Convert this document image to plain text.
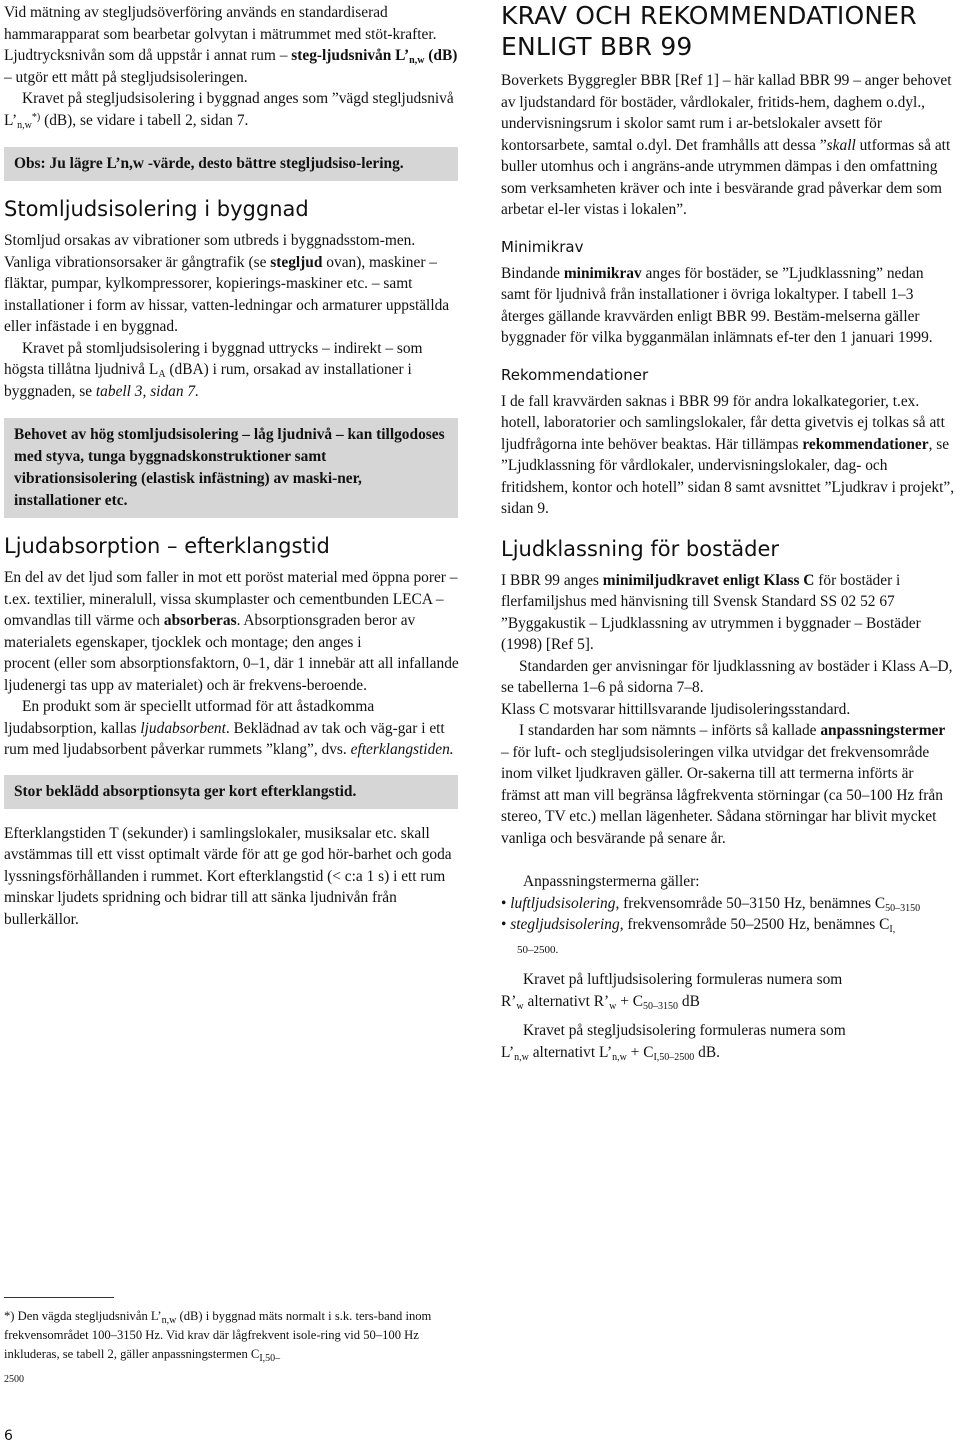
Vid mätning av stegljudsöverföring används en standardiserad hammarapparat som bearbetar golvytan i mätrummet med stöt-krafter. Ljudtrycksnivån som då uppstår i annat rum – steg-ljudsnivån $L’_{n,w}$ (dB) – utgör ett mått på stegljudsisoleringen.

Kravet på stegljudsisolering i byggnad anges som ”vägd stegljudsnivå $L’_{n,w}^{*)}$ (dB), se vidare i tabell 2, sidan 7.

Obs: Ju lägre L’n,w -värde, desto bättre stegljudsiso-lering.
Stomljudsisolering i byggnad

Stomljud orsakas av vibrationer som utbreds i byggnadsstom-men. Vanliga vibrationsorsaker är gångtrafik (se stegljud ovan), maskiner – fläktar, pumpar, kylkompressorer, kopierings-maskiner etc. – samt installationer i form av hissar, vatten-ledningar och armaturer uppställda eller infästade i en byggnad.

Kravet på stomljudsisolering i byggnad uttrycks – indirekt – som högsta tillåtna ljudnivå $L_A$ (dBA) i rum, orsakad av installationer i byggnaden, se tabell 3, sidan 7.

Behovet av hög stomljudsisolering – låg ljudnivå – kan tillgodoses med styva, tunga byggnadskonstruktioner samt vibrationsisolering (elastisk infästning) av maski-ner, installationer etc.
Ljudabsorption – efterklangstid

En del av det ljud som faller in mot ett poröst material med öppna porer – t.ex. textilier, mineralull, vissa skumplaster och cementbunden LECA – omvandlas till värme och absorberas. Absorptionsgraden beror av materialets egenskaper, tjocklek och montage; den anges i

procent (eller som absorptionsfaktorn, 0–1, där 1 innebär att all infallande ljudenergi tas upp av materialet) och är frekvens-beroende.

En produkt som är speciellt utformad för att åstadkomma ljudabsorption, kallas ljudabsorbent. Beklädnad av tak och väg-gar i ett rum med ljudabsorbent påverkar rummets ”klang”, dvs. efterklangstiden.

Stor beklädd absorptionsyta ger kort efterklangstid.

Efterklangstiden T (sekunder) i samlingslokaler, musiksalar etc. skall avstämmas till ett visst optimalt värde för att ge god hör-barhet och goda lyssningsförhållanden i rummet. Kort efterklangstid (< c:a 1 s) i ett rum minskar ljudets spridning och bidrar till att sänka ljudnivån från bullerkällor.

KRAV OCH REKOMMENDATIONER
ENLIGT BBR 99

Boverkets Byggregler BBR [Ref 1] – här kallad BBR 99 – anger behovet av ljudstandard för bostäder, vårdlokaler, fritids-hem, daghem o.dyl., undervisningsrum i skolor samt rum i ar-betslokaler avsett för kontorsarbete, samtal o.dyl. Det framhålls att dessa ”skall utformas så att buller utomhus och i angräns-ande utrymmen dämpas i den omfattning som verksamheten kräver och inte i besvärande grad påverkar dem som arbetar el-ler vistas i lokalen”.

Minimikrav

Bindande minimikrav anges för bostäder, se ”Ljudklassning” nedan samt för ljudnivå från installationer i övriga lokaltyper. I tabell 1–3 återges gällande kravvärden enligt BBR 99. Bestäm-melserna gäller byggnader för vilka bygganmälan inlämnats ef-ter den 1 januari 1999.

Rekommendationer

I de fall kravvärden saknas i BBR 99 för andra lokalkategorier, t.ex. hotell, laboratorier och samlingslokaler, får detta givetvis ej tolkas så att ljudfrågorna inte behöver beaktas. Här tillämpas rekommendationer, se ”Ljudklassning för vårdlokaler, undervisningslokaler, dag- och fritidshem, kontor och hotell” sidan 8 samt avsnittet ”Ljudkrav i projekt”, sidan 9.

Ljudklassning för bostäder

I BBR 99 anges minimiljudkravet enligt Klass C för bostäder i flerfamiljshus med hänvisning till Svensk Standard SS 02 52 67 ”Byggakustik – Ljudklassning av utrymmen i byggnader – Bostäder (1998) [Ref 5].

Standarden ger anvisningar för ljudklassning av bostäder i Klass A–D, se tabellerna 1–6 på sidorna 7–8.

Klass C motsvarar hittillsvarande ljudisoleringsstandard.

I standarden har som nämnts – införts så kallade anpassningstermer – för luft- och stegljudsisoleringen vilka utvidgar det frekvensområde inom vilket ljudkraven gäller. Or-sakerna till att termerna införts är främst att man vill begränsa lågfrekventa störningar (ca 50–100 Hz från stereo, TV etc.) mellan lägenheter. Sådana störningar har blivit mycket vanliga och besvärande på senare år.

Anpassningstermerna gäller:

• luftljudsisolering, frekvensområde 50–3150 Hz, benämnes $C_{50-3150}$

• stegljudsisolering, frekvensområde 50–2500 Hz, benämnes $C_{I,}$

50–2500.

Kravet på luftljudsisolering formuleras numera som

$R’_w$ alternativt $R’_w + C_{50-3150}$ dB

Kravet på stegljudsisolering formuleras numera som

$L’_{n,w}$ alternativt $L’_{n,w} + C_{I,50-2500}$ dB.

*) Den vägda stegljudsnivån $L’_{n,w}$ (dB) i byggnad mäts normalt i s.k. ters-band inom frekvensområdet 100–3150 Hz. Vid krav där lågfrekvent isole-ring vid 50–100 Hz inkluderas, se tabell 2, gäller anpassningstermen $C_{I,50-}$

2500

6
